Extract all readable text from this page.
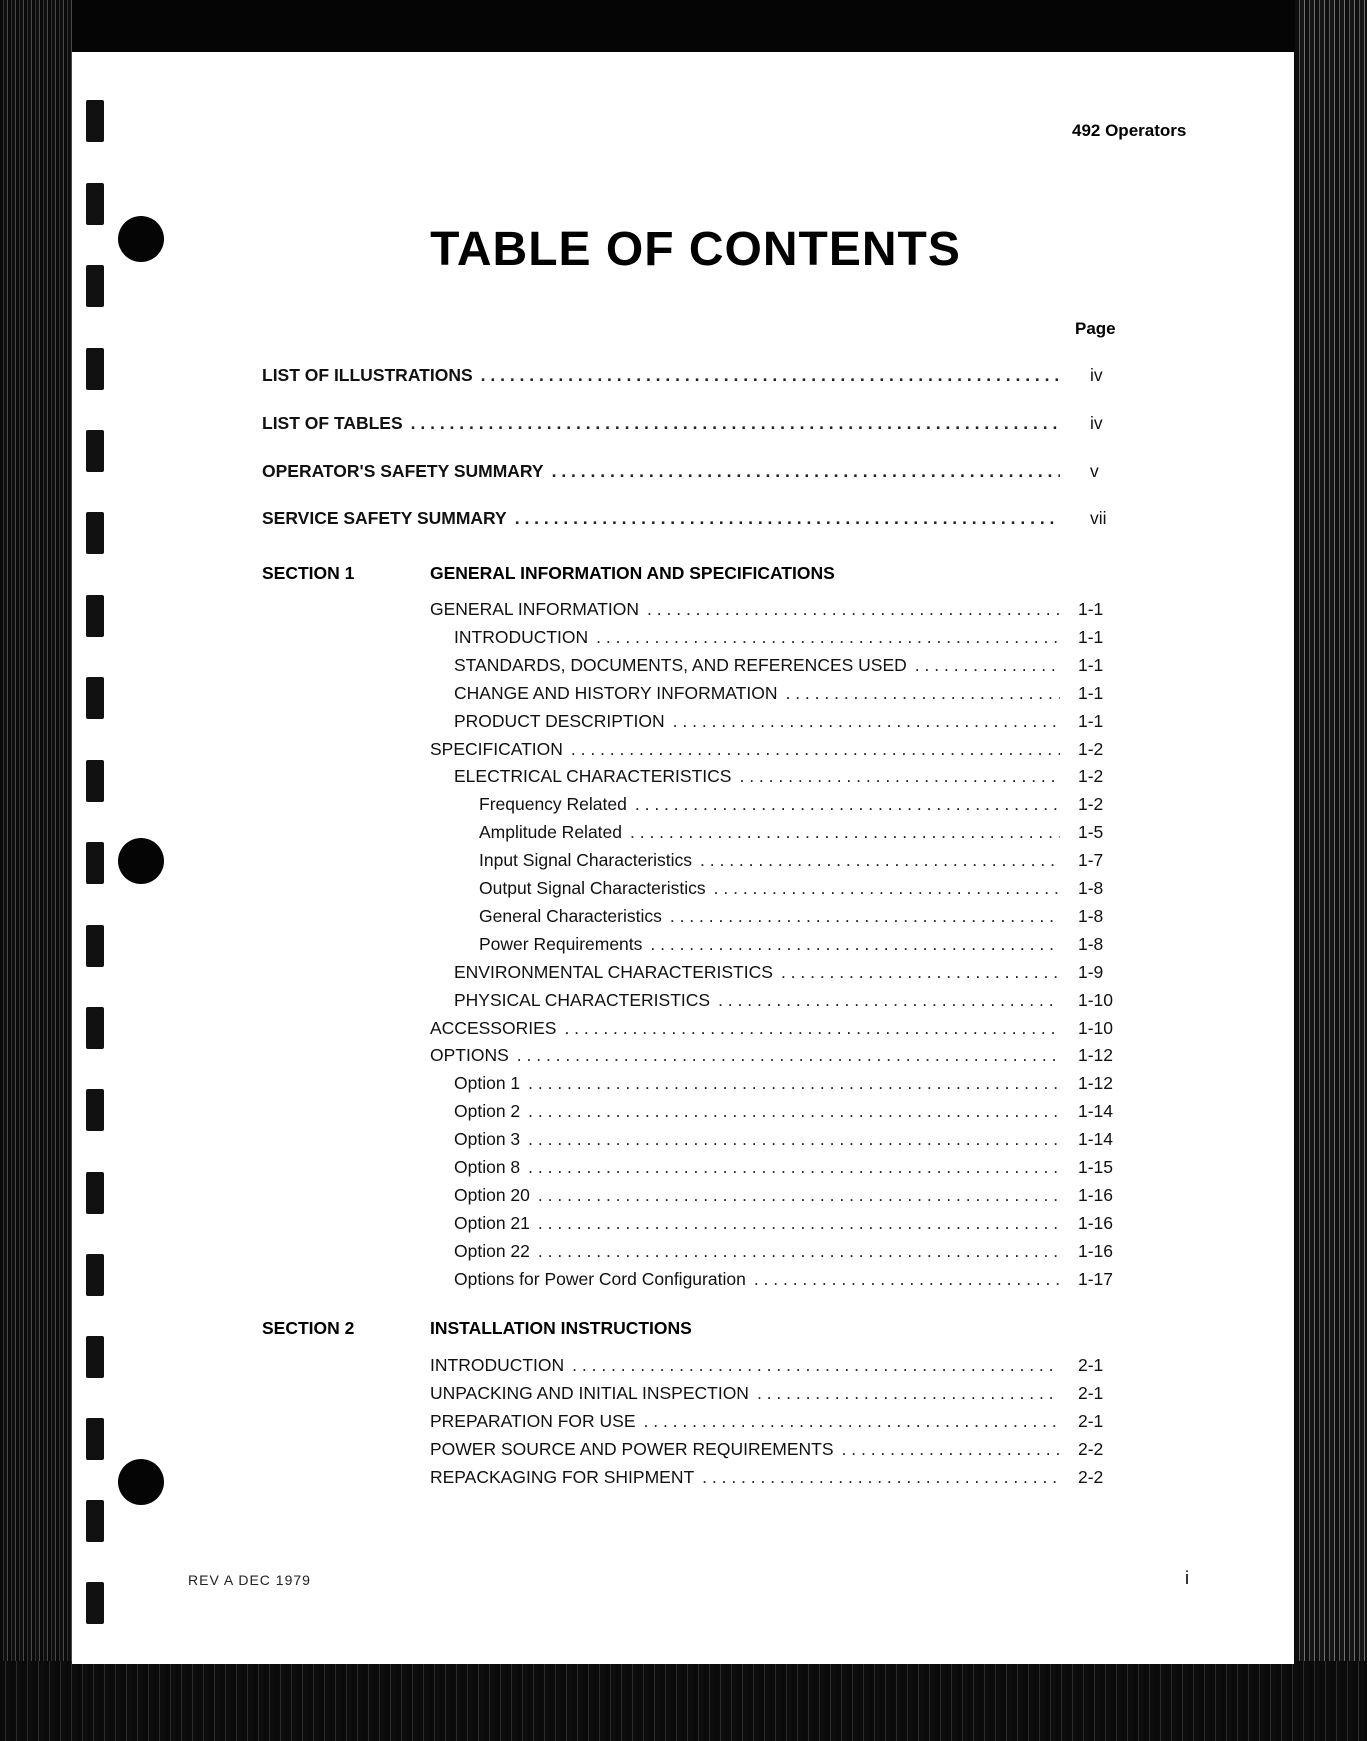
492 Operators
TABLE OF CONTENTS
Page
LIST OF ILLUSTRATIONS . . .	iv
LIST OF TABLES . . .	iv
OPERATOR'S SAFETY SUMMARY . . .	v
SERVICE SAFETY SUMMARY . . .	vii
SECTION 1	GENERAL INFORMATION AND SPECIFICATIONS
GENERAL INFORMATION . . .	1-1
INTRODUCTION . . .	1-1
STANDARDS, DOCUMENTS, AND REFERENCES USED . . .	1-1
CHANGE AND HISTORY INFORMATION . . .	1-1
PRODUCT DESCRIPTION . . .	1-1
SPECIFICATION . . .	1-2
ELECTRICAL CHARACTERISTICS . . .	1-2
Frequency Related . . .	1-2
Amplitude Related . . .	1-5
Input Signal Characteristics . . .	1-7
Output Signal Characteristics . . .	1-8
General Characteristics . . .	1-8
Power Requirements . . .	1-8
ENVIRONMENTAL CHARACTERISTICS . . .	1-9
PHYSICAL CHARACTERISTICS . . .	1-10
ACCESSORIES . . .	1-10
OPTIONS . . .	1-12
Option 1 . . .	1-12
Option 2 . . .	1-14
Option 3 . . .	1-14
Option 8 . . .	1-15
Option 20 . . .	1-16
Option 21 . . .	1-16
Option 22 . . .	1-16
Options for Power Cord Configuration . . .	1-17
SECTION 2	INSTALLATION INSTRUCTIONS
INTRODUCTION . . .	2-1
UNPACKING AND INITIAL INSPECTION . . .	2-1
PREPARATION FOR USE . . .	2-1
POWER SOURCE AND POWER REQUIREMENTS . . .	2-2
REPACKAGING FOR SHIPMENT . . .	2-2
REV A DEC 1979	i
